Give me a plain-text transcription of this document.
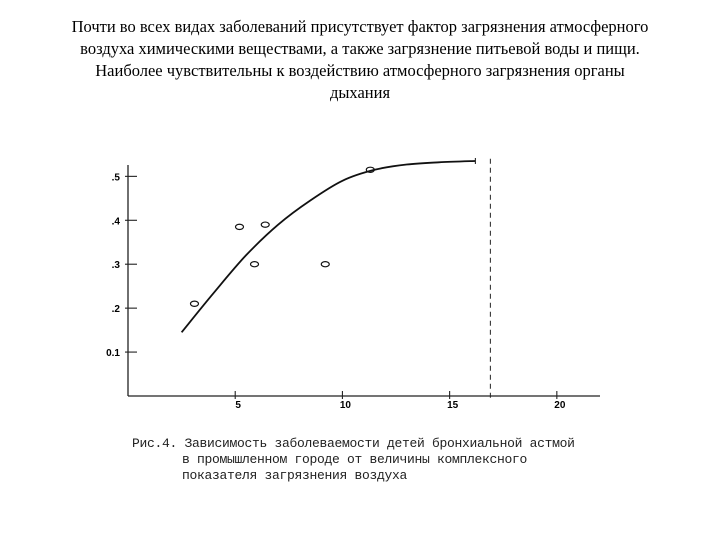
Почти во всех видах заболеваний присутствует фактор загрязнения атмосферного
воздуха химическими веществами, а также загрязнение питьевой воды и пищи.
Наиболее чувствительны к воздействию атмосферного загрязнения органы
дыхания
0.1
.2
.3
.4
.5
5	10	15	20
Рис.4. Зависимость заболеваемости детей бронхиальной астмой
в промышленном городе от величины комплексного
показателя загрязнения воздуха
